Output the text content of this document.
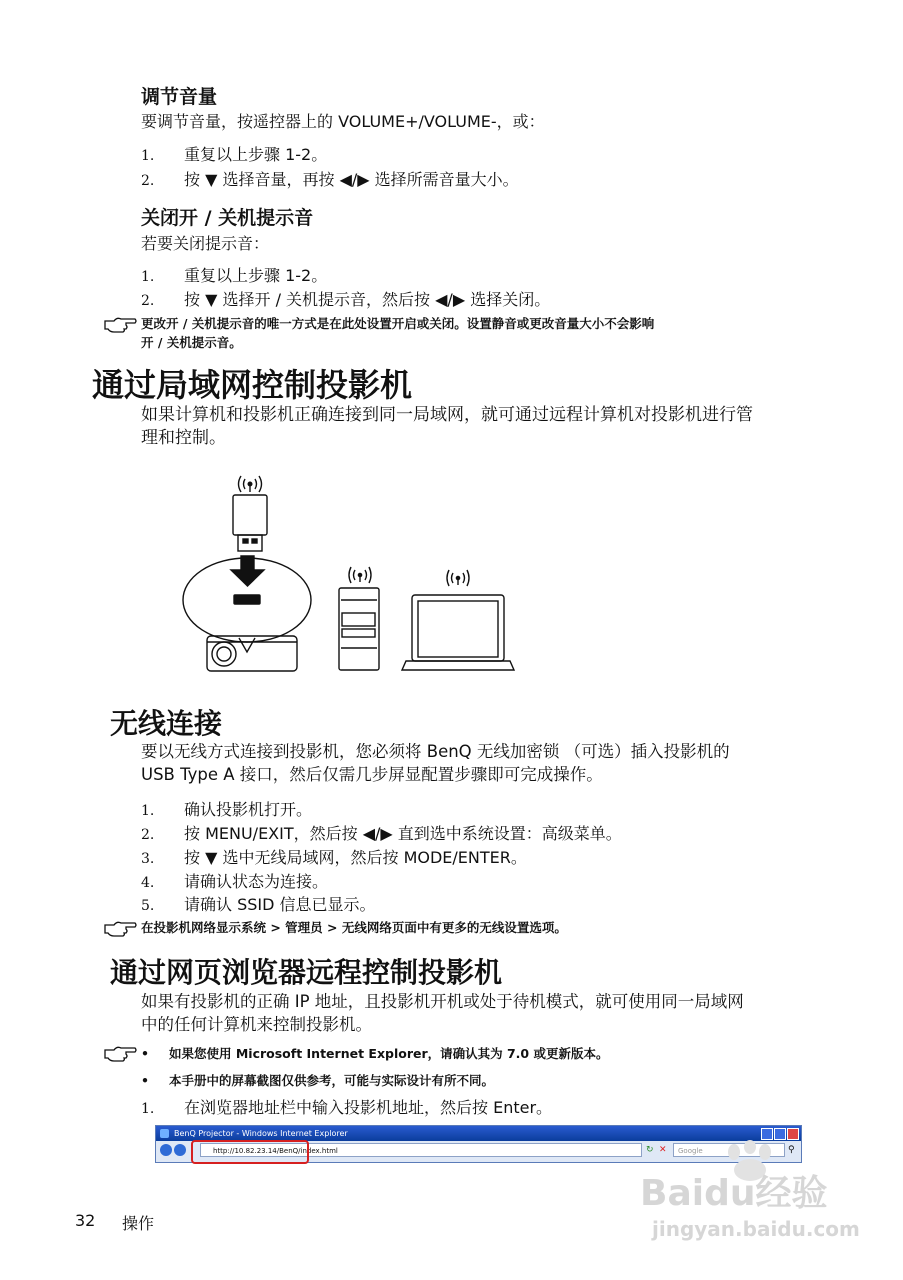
调节音量
要调节音量，按遥控器上的 VOLUME+/VOLUME-，或：
1. 重复以上步骤 1-2。
2. 按 ▼ 选择音量，再按 ◀/▶ 选择所需音量大小。
关闭开 / 关机提示音
若要关闭提示音：
1. 重复以上步骤 1-2。
2. 按 ▼ 选择开 / 关机提示音，然后按 ◀/▶ 选择关闭。
更改开 / 关机提示音的唯一方式是在此处设置开启或关闭。设置静音或更改音量大小不会影响
开 / 关机提示音。
通过局域网控制投影机
如果计算机和投影机正确连接到同一局域网，就可通过远程计算机对投影机进行管
理和控制。
无线连接
要以无线方式连接到投影机，您必须将 BenQ 无线加密锁 （可选）插入投影机的
USB Type A 接口，然后仅需几步屏显配置步骤即可完成操作。
1. 确认投影机打开。
2. 按 MENU/EXIT，然后按 ◀/▶ 直到选中系统设置：高级菜单。
3. 按 ▼ 选中无线局域网，然后按 MODE/ENTER。
4. 请确认状态为连接。
5. 请确认 SSID 信息已显示。
在投影机网络显示系统 > 管理员 > 无线网络页面中有更多的无线设置选项。
通过网页浏览器远程控制投影机
如果有投影机的正确 IP 地址，且投影机开机或处于待机模式，就可使用同一局域网
中的任何计算机来控制投影机。
• 如果您使用 Microsoft Internet Explorer，请确认其为 7.0 或更新版本。
• 本手册中的屏幕截图仅供参考，可能与实际设计有所不同。
1. 在浏览器地址栏中输入投影机地址，然后按 Enter。
BenQ Projector - Windows Internet Explorer
http://10.82.23.14/BenQ/index.html	↻ ✕	Google	⚲
32 操作
Baidu经验
jingyan.baidu.com
